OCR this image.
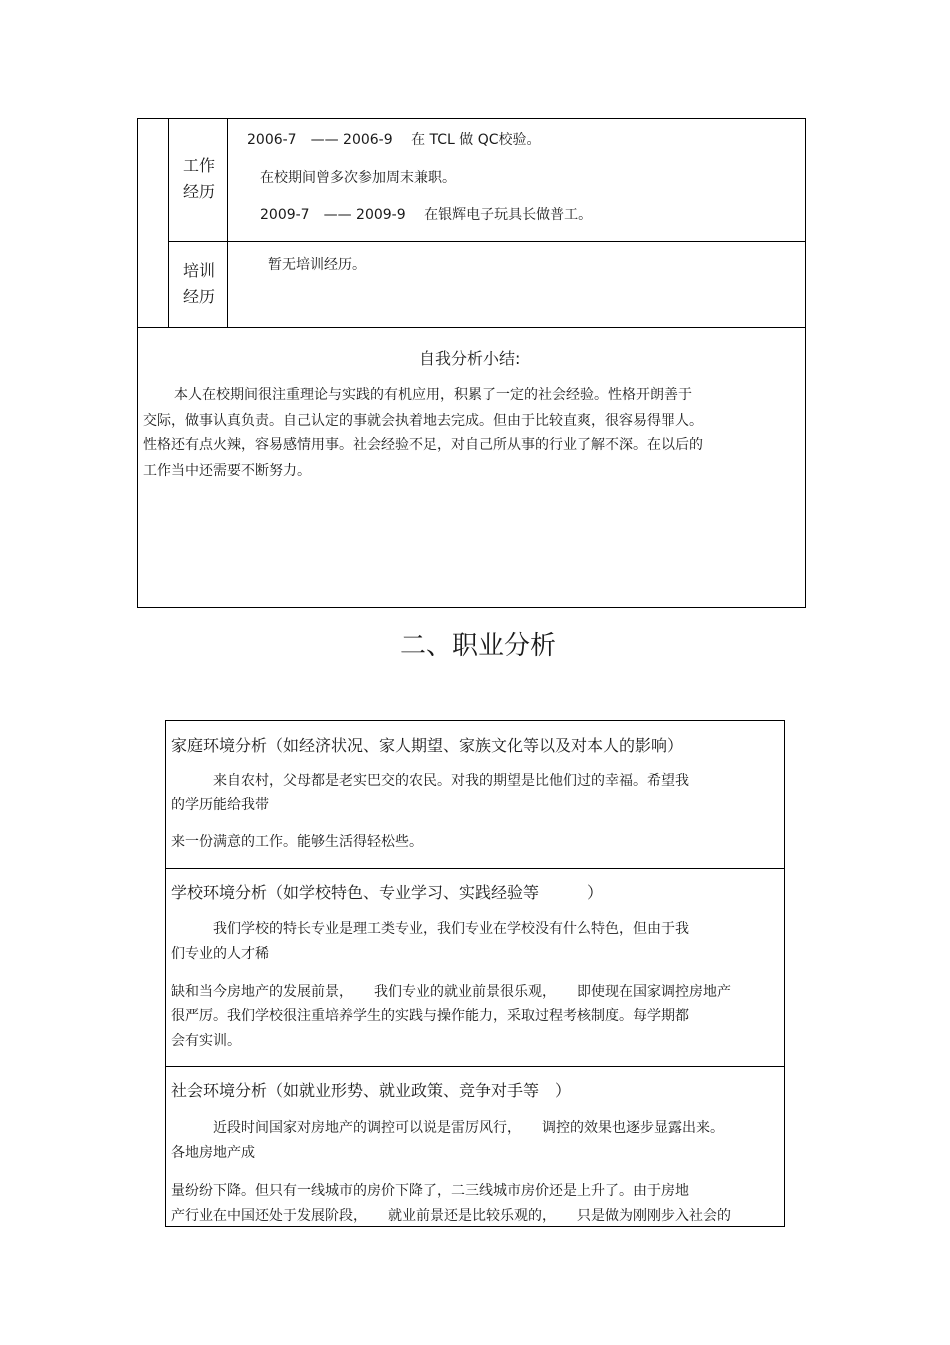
工作
经历
2006-7　—— 2006-9　 在 TCL 做 QC校验。
在校期间曾多次参加周末兼职。
2009-7　—— 2009-9　 在银辉电子玩具长做普工。
培训
经历
暂无培训经历。
自我分析小结:
本人在校期间很注重理论与实践的有机应用，积累了一定的社会经验。性格开朗善于
交际，做事认真负责。自己认定的事就会执着地去完成。但由于比较直爽，很容易得罪人。
性格还有点火辣，容易感情用事。社会经验不足，对自己所从事的行业了解不深。在以后的
工作当中还需要不断努力。
二、职业分析
家庭环境分析（如经济状况、家人期望、家族文化等以及对本人的影响）
来自农村，父母都是老实巴交的农民。对我的期望是比他们过的幸福。希望我
的学历能给我带
来一份满意的工作。能够生活得轻松些。
学校环境分析（如学校特色、专业学习、实践经验等　　　）
我们学校的特长专业是理工类专业，我们专业在学校没有什么特色，但由于我
们专业的人才稀
缺和当今房地产的发展前景，　　我们专业的就业前景很乐观，　　即使现在国家调控房地产
很严厉。我们学校很注重培养学生的实践与操作能力，采取过程考核制度。每学期都
会有实训。
社会环境分析（如就业形势、就业政策、竞争对手等　）
近段时间国家对房地产的调控可以说是雷厉风行，　　调控的效果也逐步显露出来。
各地房地产成
量纷纷下降。但只有一线城市的房价下降了，二三线城市房价还是上升了。由于房地
产行业在中国还处于发展阶段，　　就业前景还是比较乐观的，　　只是做为刚刚步入社会的
